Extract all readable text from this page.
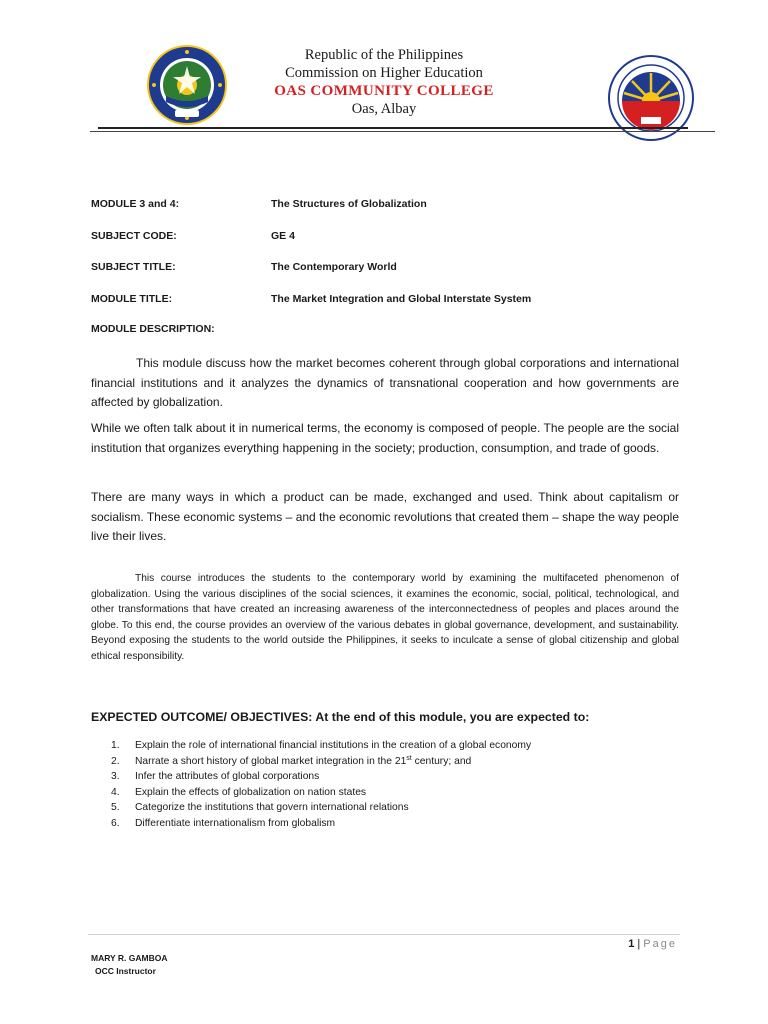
Republic of the Philippines
Commission on Higher Education
OAS COMMUNITY COLLEGE
Oas, Albay
MODULE 3 and 4:	The Structures of Globalization
SUBJECT CODE:	GE 4
SUBJECT TITLE:	The Contemporary World
MODULE TITLE:	The Market Integration and Global Interstate System
MODULE DESCRIPTION:
This module discuss how the market becomes coherent through global corporations and international financial institutions and it analyzes the dynamics of transnational cooperation and how governments are affected by globalization.
While we often talk about it in numerical terms, the economy is composed of people. The people are the social institution that organizes everything happening in the society; production, consumption, and trade of goods.
There are many ways in which a product can be made, exchanged and used. Think about capitalism or socialism. These economic systems – and the economic revolutions that created them – shape the way people live their lives.
This course introduces the students to the contemporary world by examining the multifaceted phenomenon of globalization. Using the various disciplines of the social sciences, it examines the economic, social, political, technological, and other transformations that have created an increasing awareness of the interconnectedness of peoples and places around the globe. To this end, the course provides an overview of the various debates in global governance, development, and sustainability. Beyond exposing the students to the world outside the Philippines, it seeks to inculcate a sense of global citizenship and global ethical responsibility.
EXPECTED OUTCOME/ OBJECTIVES: At the end of this module, you are expected to:
1. Explain the role of international financial institutions in the creation of a global economy
2. Narrate a short history of global market integration in the 21st century; and
3. Infer the attributes of global corporations
4. Explain the effects of globalization on nation states
5. Categorize the institutions that govern international relations
6. Differentiate internationalism from globalism
1 | Page
MARY R. GAMBOA
OCC Instructor
